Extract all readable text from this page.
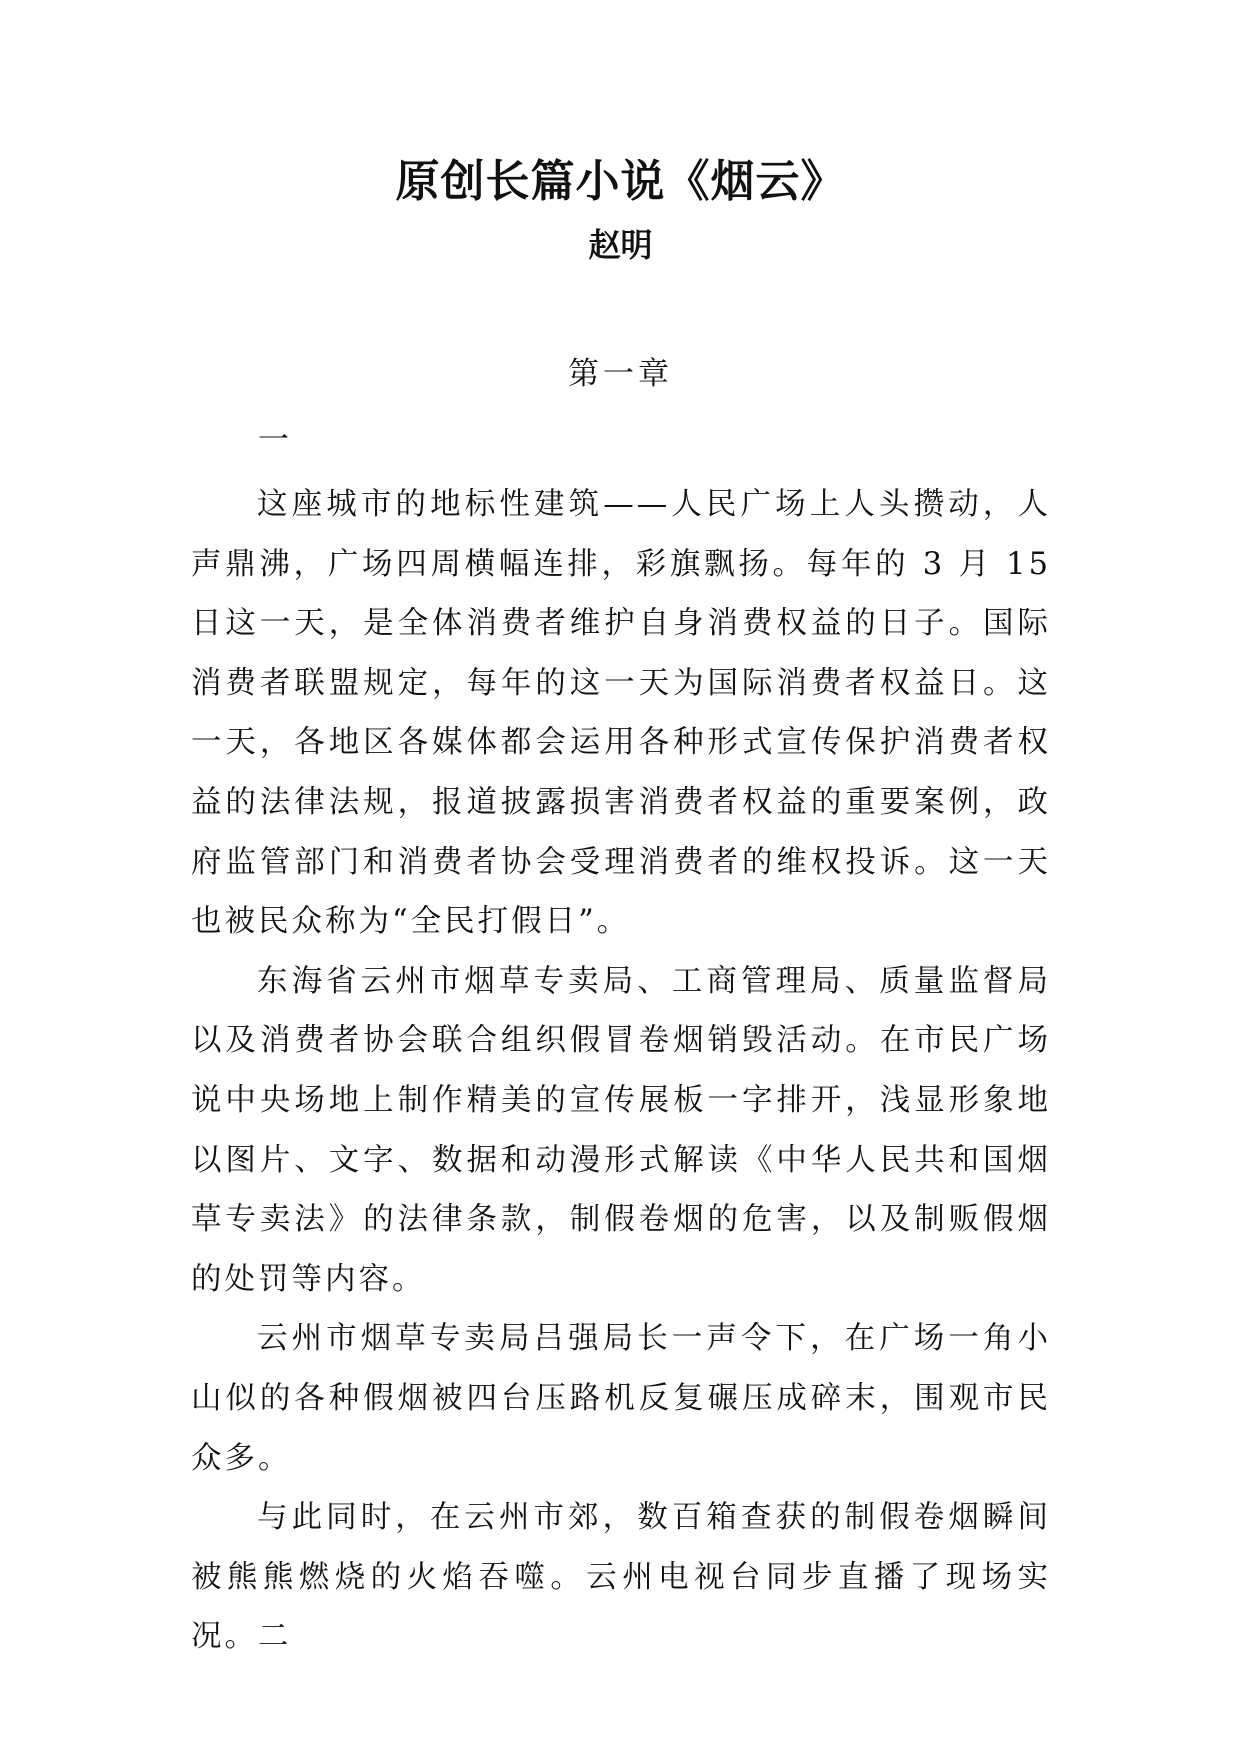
原创长篇小说《烟云》
赵明
第一章
一

这座城市的地标性建筑——人民广场上人头攒动，人声鼎沸，广场四周横幅连排，彩旗飘扬。每年的 3 月 15 日这一天，是全体消费者维护自身消费权益的日子。国际消费者联盟规定，每年的这一天为国际消费者权益日。这一天，各地区各媒体都会运用各种形式宣传保护消费者权益的法律法规，报道披露损害消费者权益的重要案例，政府监管部门和消费者协会受理消费者的维权投诉。这一天也被民众称为“全民打假日”。

东海省云州市烟草专卖局、工商管理局、质量监督局以及消费者协会联合组织假冒卷烟销毁活动。在市民广场说中央场地上制作精美的宣传展板一字排开，浅显形象地以图片、文字、数据和动漫形式解读《中华人民共和国烟草专卖法》的法律条款，制假卷烟的危害，以及制贩假烟的处罚等内容。

云州市烟草专卖局吕强局长一声令下，在广场一角小山似的各种假烟被四台压路机反复碾压成碎末，围观市民众多。

与此同时，在云州市郊，数百箱查获的制假卷烟瞬间被熊熊燃烧的火焰吞噬。云州电视台同步直播了现场实况。二
